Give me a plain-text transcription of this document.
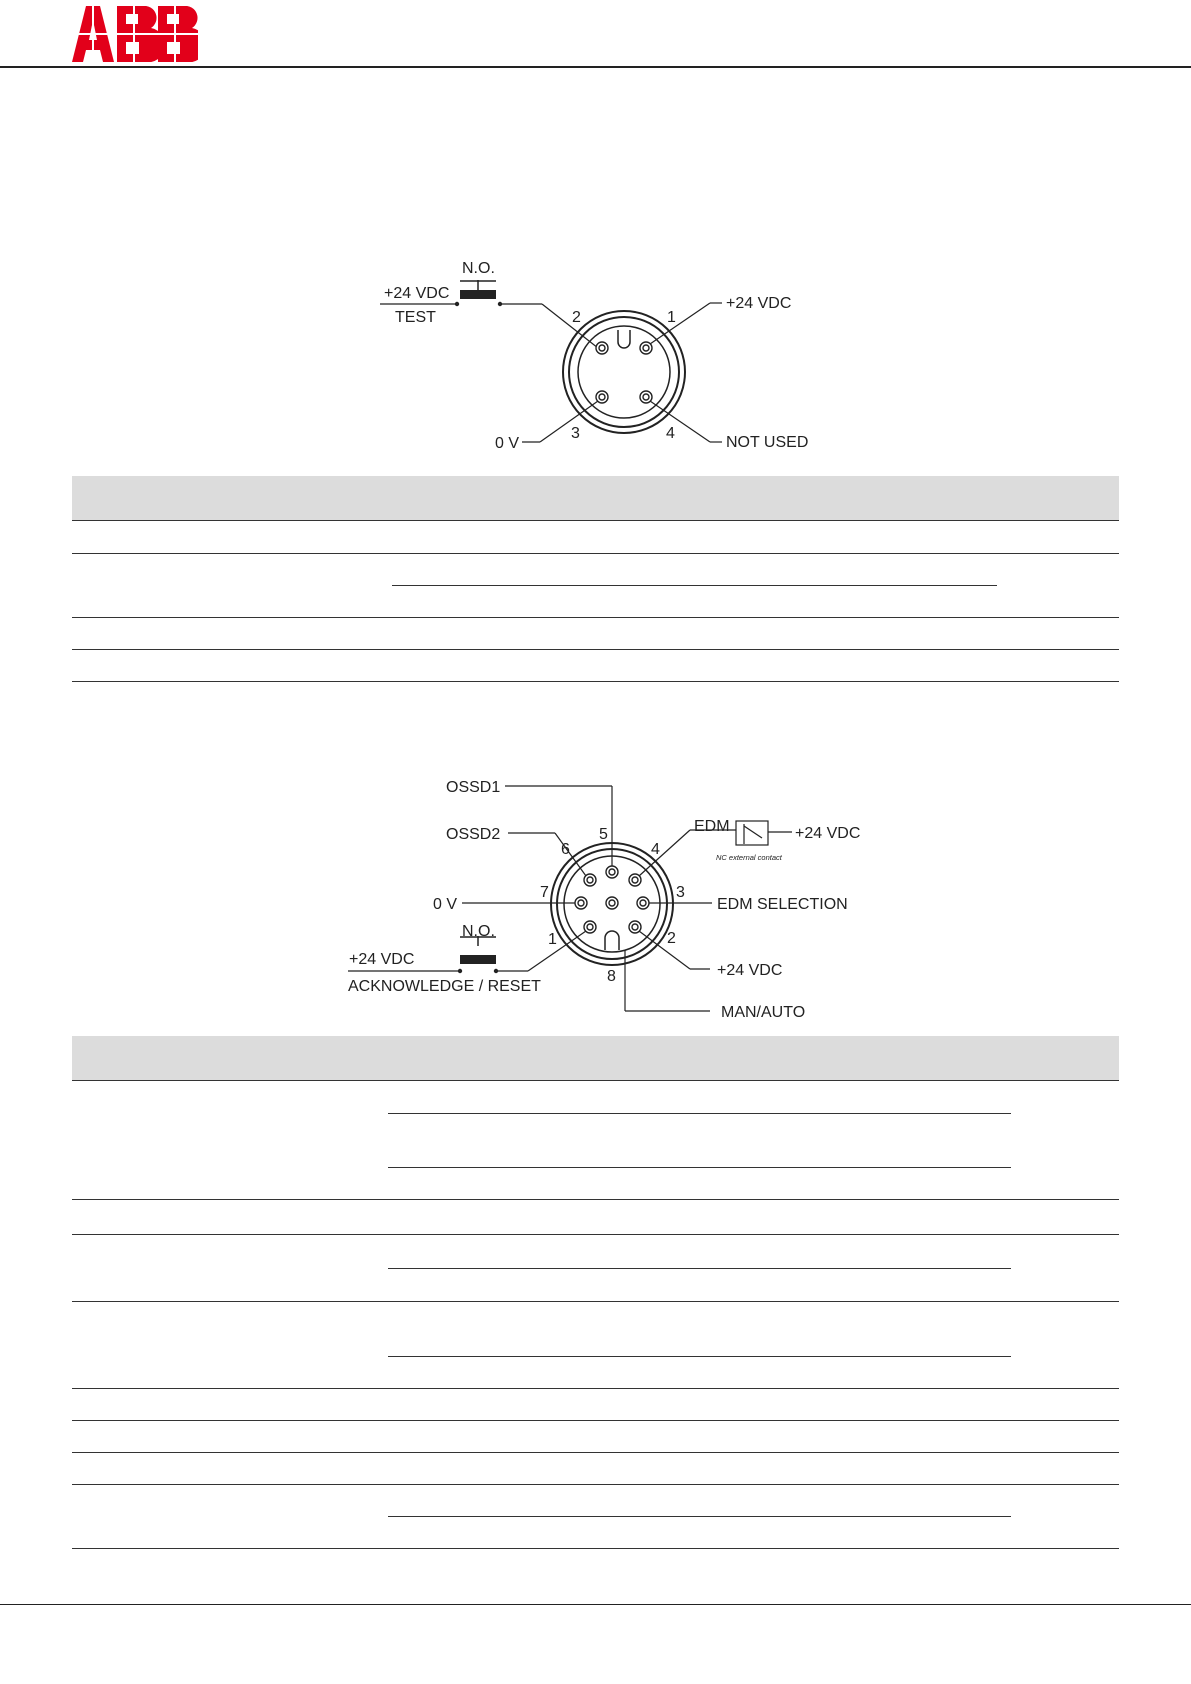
N.O.
+24 VDC
TEST	2	1
3	4
+24 VDC
0 V	NOT USED
OSSD1
OSSD2	EDM	+24 VDC
NC external contact
0 V	EDM SELECTION
N.O.
+24 VDC
ACKNOWLEDGE / RESET
+24 VDC
MAN/AUTO
5
6	4
7	3
1	2
8
